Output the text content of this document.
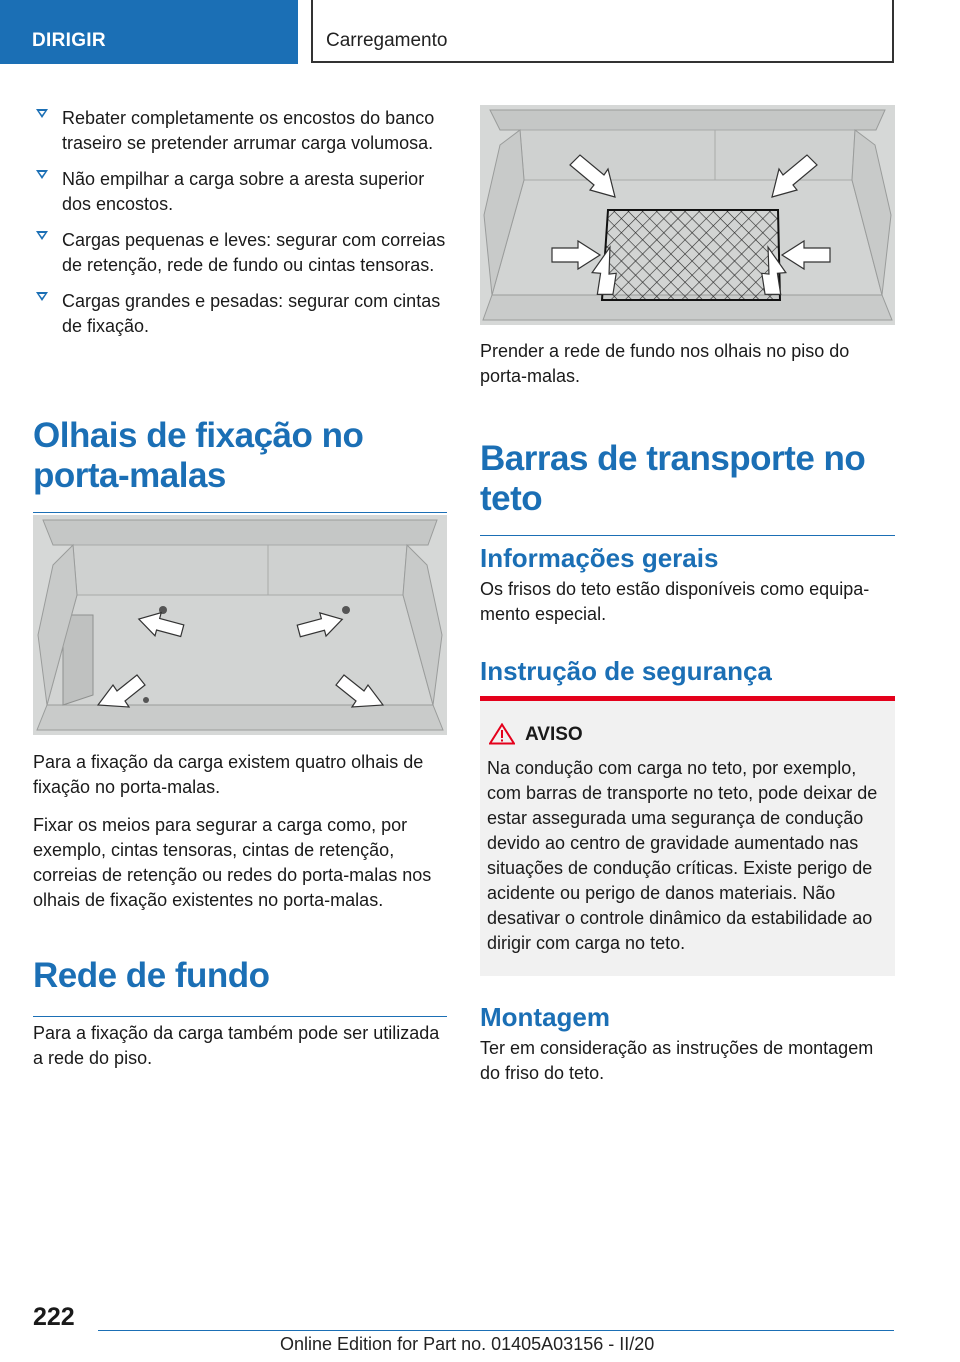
DIRIGIR	Carregamento
Rebater completamente os encostos do banco traseiro se pretender arrumar carga volumosa.
Não empilhar a carga sobre a aresta superior dos encostos.
Cargas pequenas e leves: segurar com correias de retenção, rede de fundo ou cintas tensoras.
Cargas grandes e pesadas: segurar com cintas de fixação.
Olhais de fixação no porta-malas
Para a fixação da carga existem quatro olhais de fixação no porta-malas.
Fixar os meios para segurar a carga como, por exemplo, cintas tensoras, cintas de retenção, correias de retenção ou redes do porta-malas nos olhais de fixação existentes no porta-malas.
Rede de fundo
Para a fixação da carga também pode ser utilizada a rede do piso.
Prender a rede de fundo nos olhais no piso do porta-malas.
Barras de transporte no teto
Informações gerais
Os frisos do teto estão disponíveis como equipamento especial.
Instrução de segurança
AVISO
Na condução com carga no teto, por exemplo, com barras de transporte no teto, pode deixar de estar assegurada uma segurança de condução devido ao centro de gravidade aumentado nas situações de condução críticas. Existe perigo de acidente ou perigo de danos materiais. Não desativar o controle dinâmico da estabilidade ao dirigir com carga no teto.
Montagem
Ter em consideração as instruções de montagem do friso do teto.
222
Online Edition for Part no. 01405A03156 - II/20
